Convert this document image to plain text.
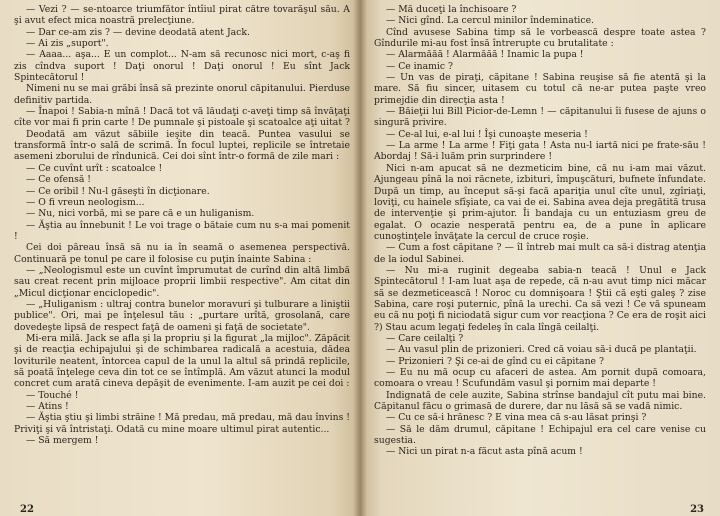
— Vezi ? — se-ntoarce triumfător întîiul pirat către tovarăşul său. A şi avut efect mica noastră prelecţiune.

— Dar ce-am zis ? — devine deodată atent Jack.

— Ai zis „suport".

— Aaaa... aşa... E un complot... N-am să recunosc nici mort, c-aş fi zis cîndva suport ! Daţi onorul ! Daţi onorul ! Eu sînt Jack Spintecătorul !

Nimeni nu se mai grăbi însă să prezinte onorul căpitanului. Pierduse definitiv partida.

— Înapoi ! Sabia-n mînă ! Dacă tot vă lăudaţi c-aveţi timp să învăţaţi cîte vor mai fi prin carte ! De pumnale şi pistoale şi scatoalce aţi uitat ?

Deodată am văzut săbiile ieşite din teacă. Puntea vasului se transformă într-o sală de scrimă. În focul luptei, replicile se întretaie asemeni zborului de rîndunică. Cei doi sînt într-o formă de zile mari :

— Ce cuvînt urît : scatoalce !

— Ce ofensă !

— Ce oribil ! Nu-l găseşti în dicţionare.

— O fi vreun neologism...

— Nu, nici vorbă, mi se pare că e un huliganism.

— Ăştia au înnebunit ! Le voi trage o bătaie cum nu s-a mai pomenit !

Cei doi păreau însă să nu ia în seamă o asemenea perspectivă. Continuară pe tonul pe care il folosise cu puţin înainte Sabina :

— „Neologismul este un cuvînt împrumutat de curînd din altă limbă sau creat recent prin mijloace proprii limbii respective". Am citat din „Micul dicţionar enciclopedic".

— „Huliganism : ultraj contra bunelor moravuri şi tulburare a liniştii publice". Ori, mai pe înţelesul tău : „purtare urîtă, grosolană, care dovedeşte lipsă de respect faţă de oameni şi faţă de societate".

Mi-era milă. Jack se afla şi la propriu şi la figurat „la mijloc". Zăpăcit şi de reacţia echipajului şi de schimbarea radicală a acestuia, dădea loviturile neatent, întorcea capul de la unul la altul să prindă replicile, să poată înţelege ceva din tot ce se întîmplă. Am văzut atunci la modul concret cum arată cineva depăşit de evenimente. I-am auzit pe cei doi :

— Touché !

— Atins !

— Ăştia ştiu şi limbi străine ! Mă predau, mă predau, mă dau învins ! Priviţi şi vă întristaţi. Odată cu mine moare ultimul pirat autentic...

— Să mergem !

22

— Mă duceţi la închisoare ?

— Nici gînd. La cercul minilor îndeminatice.

Cînd avusese Sabina timp să le vorbească despre toate astea ? Gîndurile mi-au fost însă întrerupte cu brutalitate :

— Alarmăăă ! Alarmăăă ! Inamic la pupa !

— Ce inamic ?

— Un vas de piraţi, căpitane ! Sabina reuşise să fie atentă şi la mare. Să fiu sincer, uitasem cu totul că ne-ar putea paşte vreo primejdie din direcţia asta !

— Băieţii lui Bill Picior-de-Lemn ! — căpitanului îi fusese de ajuns o singură privire.

— Ce-al lui, e-al lui ! Îşi cunoaşte meseria !

— La arme ! La arme ! Fiţi gata ! Asta nu-l iartă nici pe frate-său ! Abordaj ! Să-i luăm prin surprindere !

Nici n-am apucat să ne dezmeticim bine, că nu i-am mai văzut. Ajungeau pînă la noi răcnete, izbituri, împuşcături, bufnete înfundate. După un timp, au început să-şi facă apariţia unul cîte unul, zgîriaţi, loviţi, cu hainele sfîşiate, ca vai de ei. Sabina avea deja pregătită trusa de intervenţie şi prim-ajutor. Îi bandaja cu un entuziasm greu de egalat. O ocazie nesperată pentru ea, de a pune în aplicare cunoştinţele învăţate la cercul de cruce roşie.

— Cum a fost căpitane ? — îl întreb mai mult ca să-i distrag atenţia de la iodul Sabinei.

— Nu mi-a ruginit degeaba sabia-n teacă ! Unul e Jack Spintecătorul ! I-am luat aşa de repede, că n-au avut timp nici măcar să se dezmeticească ! Noroc cu domnişoara ! Ştii că eşti galeş ? zise Sabina, care roşi puternic, pînă la urechi. Ca să vezi ! Ce vă spuneam eu că nu poţi fi niciodată sigur cum vor reacţiona ? Ce era de roşit aici ?) Stau acum legaţi fedeleş în cala lîngă ceilalţi.

— Care ceilalţi ?

— Au vasul plin de prizonieri. Cred că voiau să-i ducă pe plantaţii.

— Prizonieri ? Şi ce-ai de gînd cu ei căpitane ?

— Eu nu mă ocup cu afaceri de astea. Am pornit după comoara, comoara o vreau ! Scufundăm vasul şi pornim mai departe !

Indignată de cele auzite, Sabina strînse bandajul cît putu mai bine. Căpitanul făcu o grimasă de durere, dar nu lăsă să se vadă nimic.

— Cu ce să-i hrănesc ? E vina mea că s-au lăsat prinşi ?

— Să le dăm drumul, căpitane ! Echipajul era cel care venise cu sugestia.

— Nici un pirat n-a făcut asta pînă acum !

23
